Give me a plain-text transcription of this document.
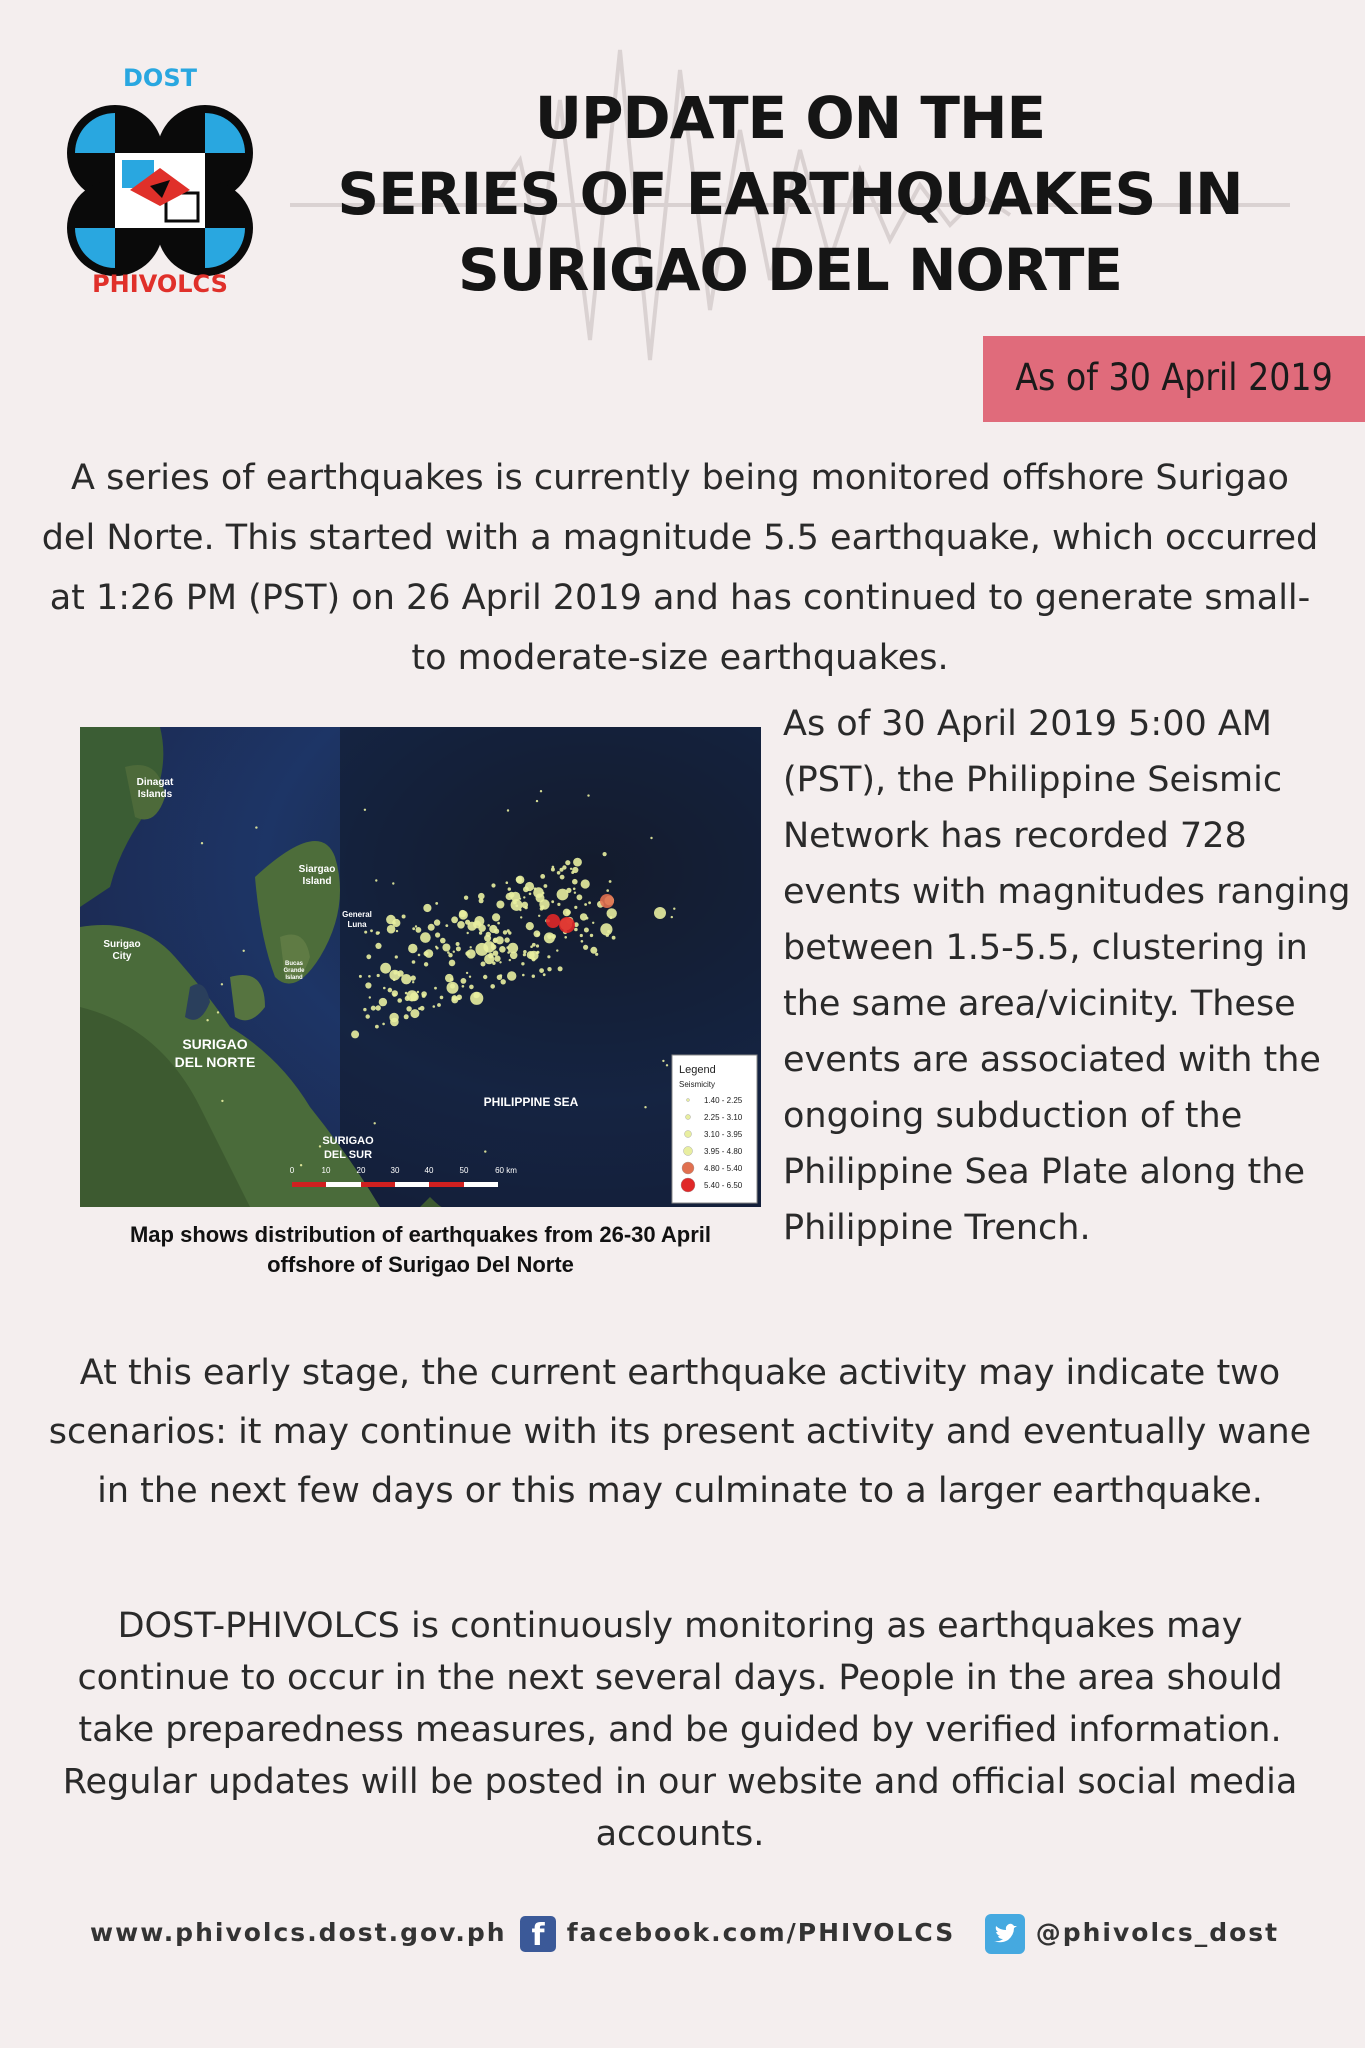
DOST
PHIVOLCS
UPDATE ON THE
SERIES OF EARTHQUAKES IN
SURIGAO DEL NORTE
As of 30 April 2019
A series of earthquakes is currently being monitored offshore Surigao del Norte. This started with a magnitude 5.5 earthquake, which occurred at 1:26 PM (PST) on 26 April 2019 and has continued to generate small- to moderate-size earthquakes.
Dinagat
Islands
Siargao
Island
General
Luna
Surigao
City
Bucas
Grande
Island
SURIGAO
DEL NORTE
SURIGAO
DEL SUR
PHILIPPINE SEA
0	10	20	30	40	50	60 km
Legend
Seismicity
1.40 - 2.25
2.25 - 3.10
3.10 - 3.95
3.95 - 4.80
4.80 - 5.40
5.40 - 6.50
Map shows distribution of earthquakes from 26-30 April
offshore of Surigao Del Norte
As of 30 April 2019 5:00 AM (PST), the Philippine Seismic Network has recorded 728 events with magnitudes ranging between 1.5-5.5, clustering in the same area/vicinity. These events are associated with the ongoing subduction of the Philippine Sea Plate along the Philippine Trench.
At this early stage, the current earthquake activity may indicate two scenarios: it may continue with its present activity and eventually wane in the next few days or this may culminate to a larger earthquake.
DOST-PHIVOLCS is continuously monitoring as earthquakes may continue to occur in the next several days. People in the area should take preparedness measures, and be guided by verified information. Regular updates will be posted in our website and official social media accounts.
www.phivolcs.dost.gov.ph f facebook.com/PHIVOLCS	@phivolcs_dost
